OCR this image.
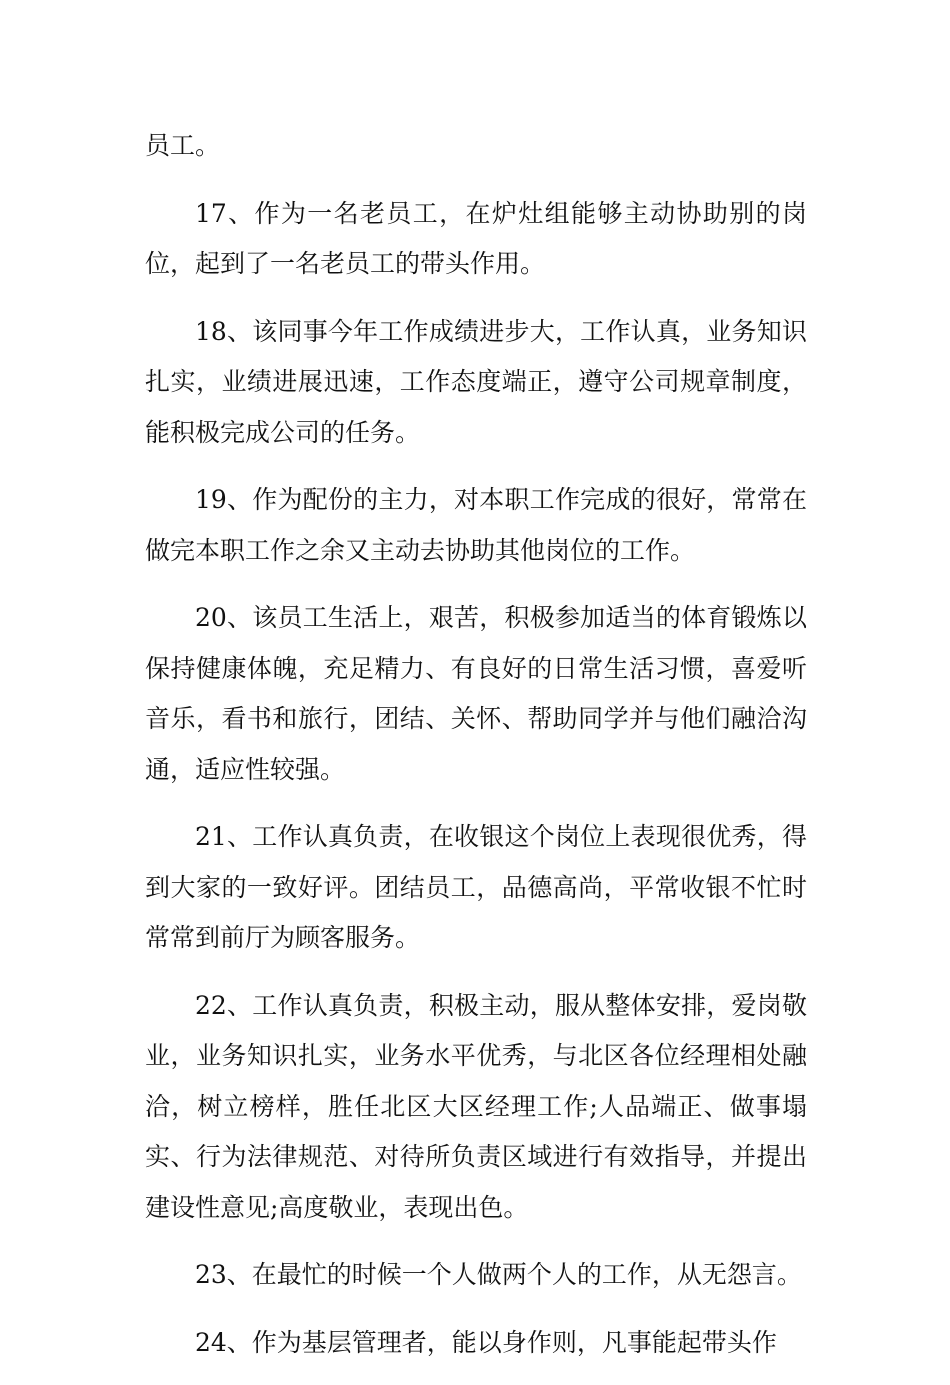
员工。

17、作为一名老员工，在炉灶组能够主动协助别的岗位，起到了一名老员工的带头作用。

18、该同事今年工作成绩进步大，工作认真，业务知识扎实，业绩进展迅速，工作态度端正，遵守公司规章制度，能积极完成公司的任务。

19、作为配份的主力，对本职工作完成的很好，常常在做完本职工作之余又主动去协助其他岗位的工作。

20、该员工生活上，艰苦，积极参加适当的体育锻炼以保持健康体魄，充足精力、有良好的日常生活习惯，喜爱听音乐，看书和旅行，团结、关怀、帮助同学并与他们融洽沟通，适应性较强。

21、工作认真负责，在收银这个岗位上表现很优秀，得到大家的一致好评。团结员工，品德高尚，平常收银不忙时常常到前厅为顾客服务。

22、工作认真负责，积极主动，服从整体安排，爱岗敬业，业务知识扎实，业务水平优秀，与北区各位经理相处融洽，树立榜样，胜任北区大区经理工作;人品端正、做事塌实、行为法律规范、对待所负责区域进行有效指导，并提出建设性意见;高度敬业，表现出色。

23、在最忙的时候一个人做两个人的工作，从无怨言。

24、作为基层管理者，能以身作则，凡事能起带头作
